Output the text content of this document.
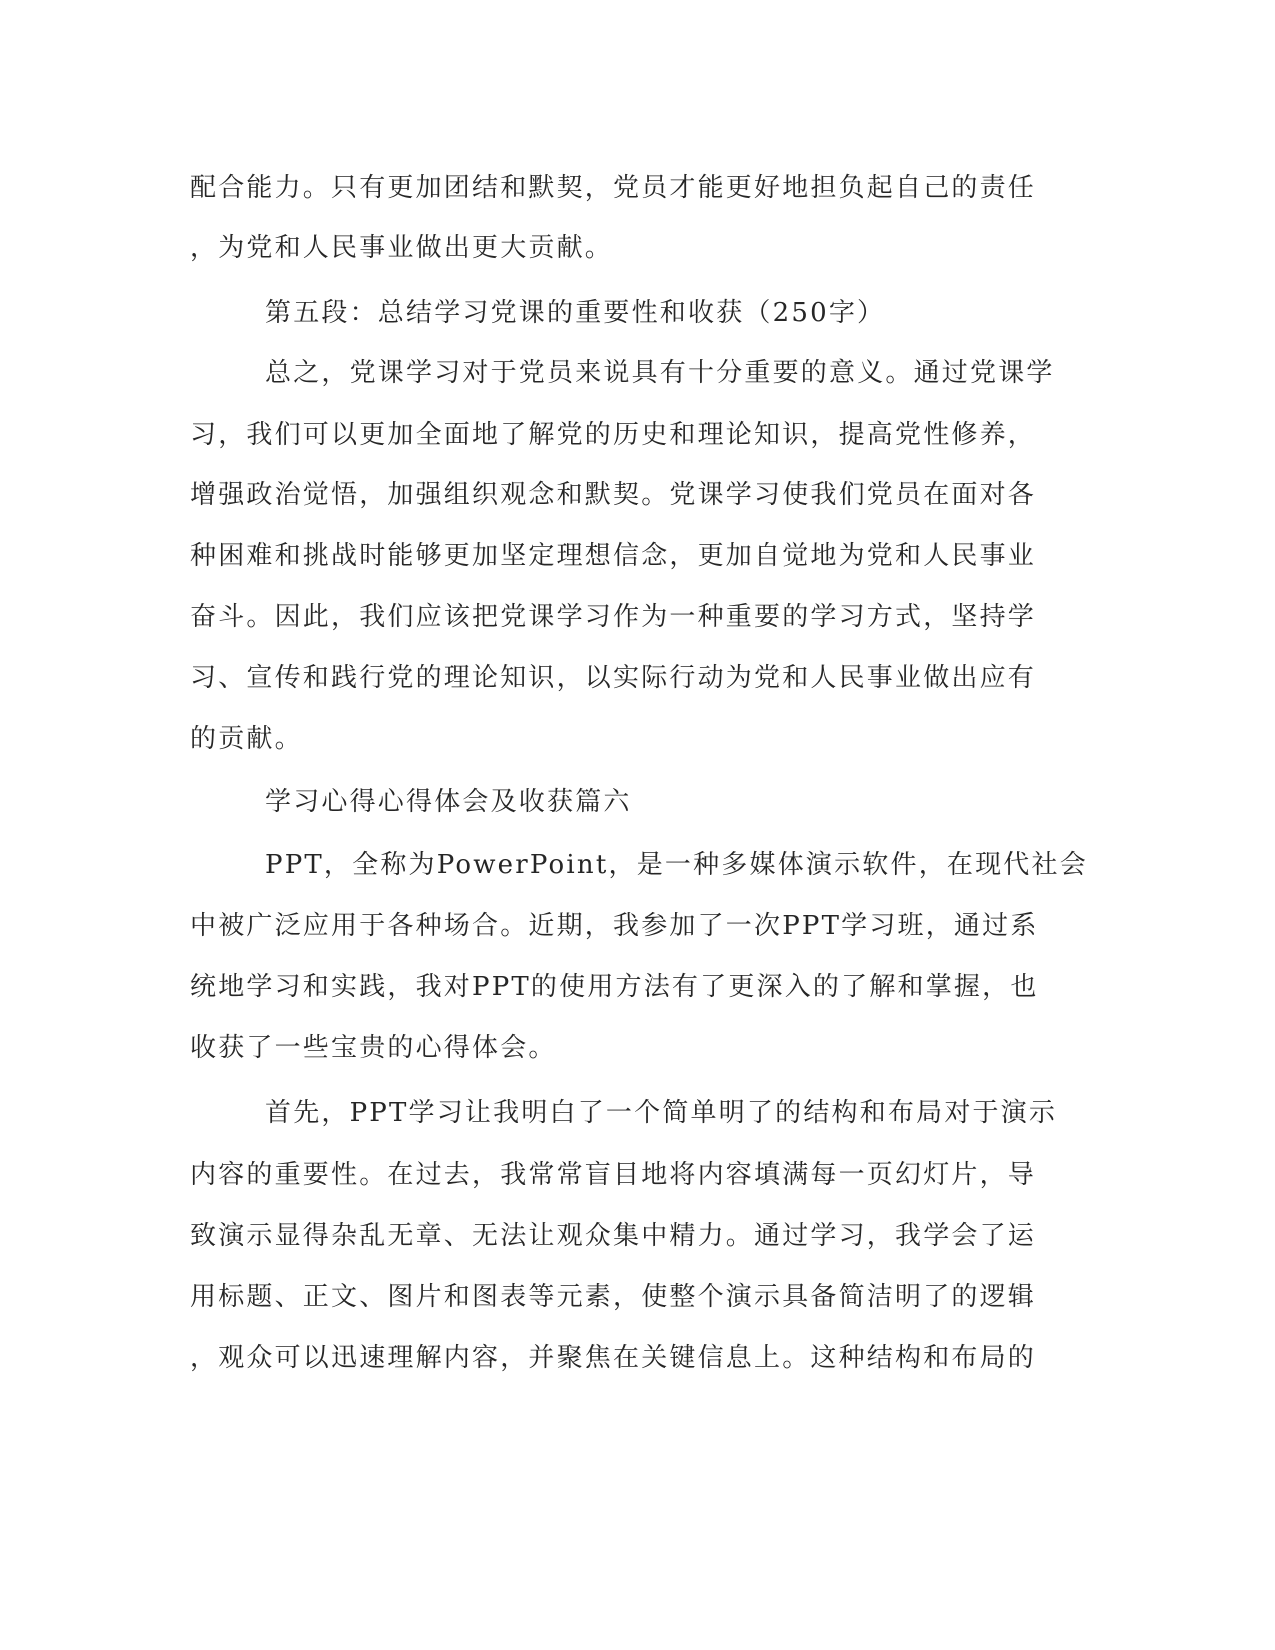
配合能力。只有更加团结和默契，党员才能更好地担负起自己的责任

，为党和人民事业做出更大贡献。

第五段：总结学习党课的重要性和收获（250字）

总之，党课学习对于党员来说具有十分重要的意义。通过党课学

习，我们可以更加全面地了解党的历史和理论知识，提高党性修养，

增强政治觉悟，加强组织观念和默契。党课学习使我们党员在面对各

种困难和挑战时能够更加坚定理想信念，更加自觉地为党和人民事业

奋斗。因此，我们应该把党课学习作为一种重要的学习方式，坚持学

习、宣传和践行党的理论知识，以实际行动为党和人民事业做出应有

的贡献。

学习心得心得体会及收获篇六

PPT，全称为PowerPoint，是一种多媒体演示软件，在现代社会

中被广泛应用于各种场合。近期，我参加了一次PPT学习班，通过系

统地学习和实践，我对PPT的使用方法有了更深入的了解和掌握，也

收获了一些宝贵的心得体会。

首先，PPT学习让我明白了一个简单明了的结构和布局对于演示

内容的重要性。在过去，我常常盲目地将内容填满每一页幻灯片，导

致演示显得杂乱无章、无法让观众集中精力。通过学习，我学会了运

用标题、正文、图片和图表等元素，使整个演示具备简洁明了的逻辑

，观众可以迅速理解内容，并聚焦在关键信息上。这种结构和布局的
